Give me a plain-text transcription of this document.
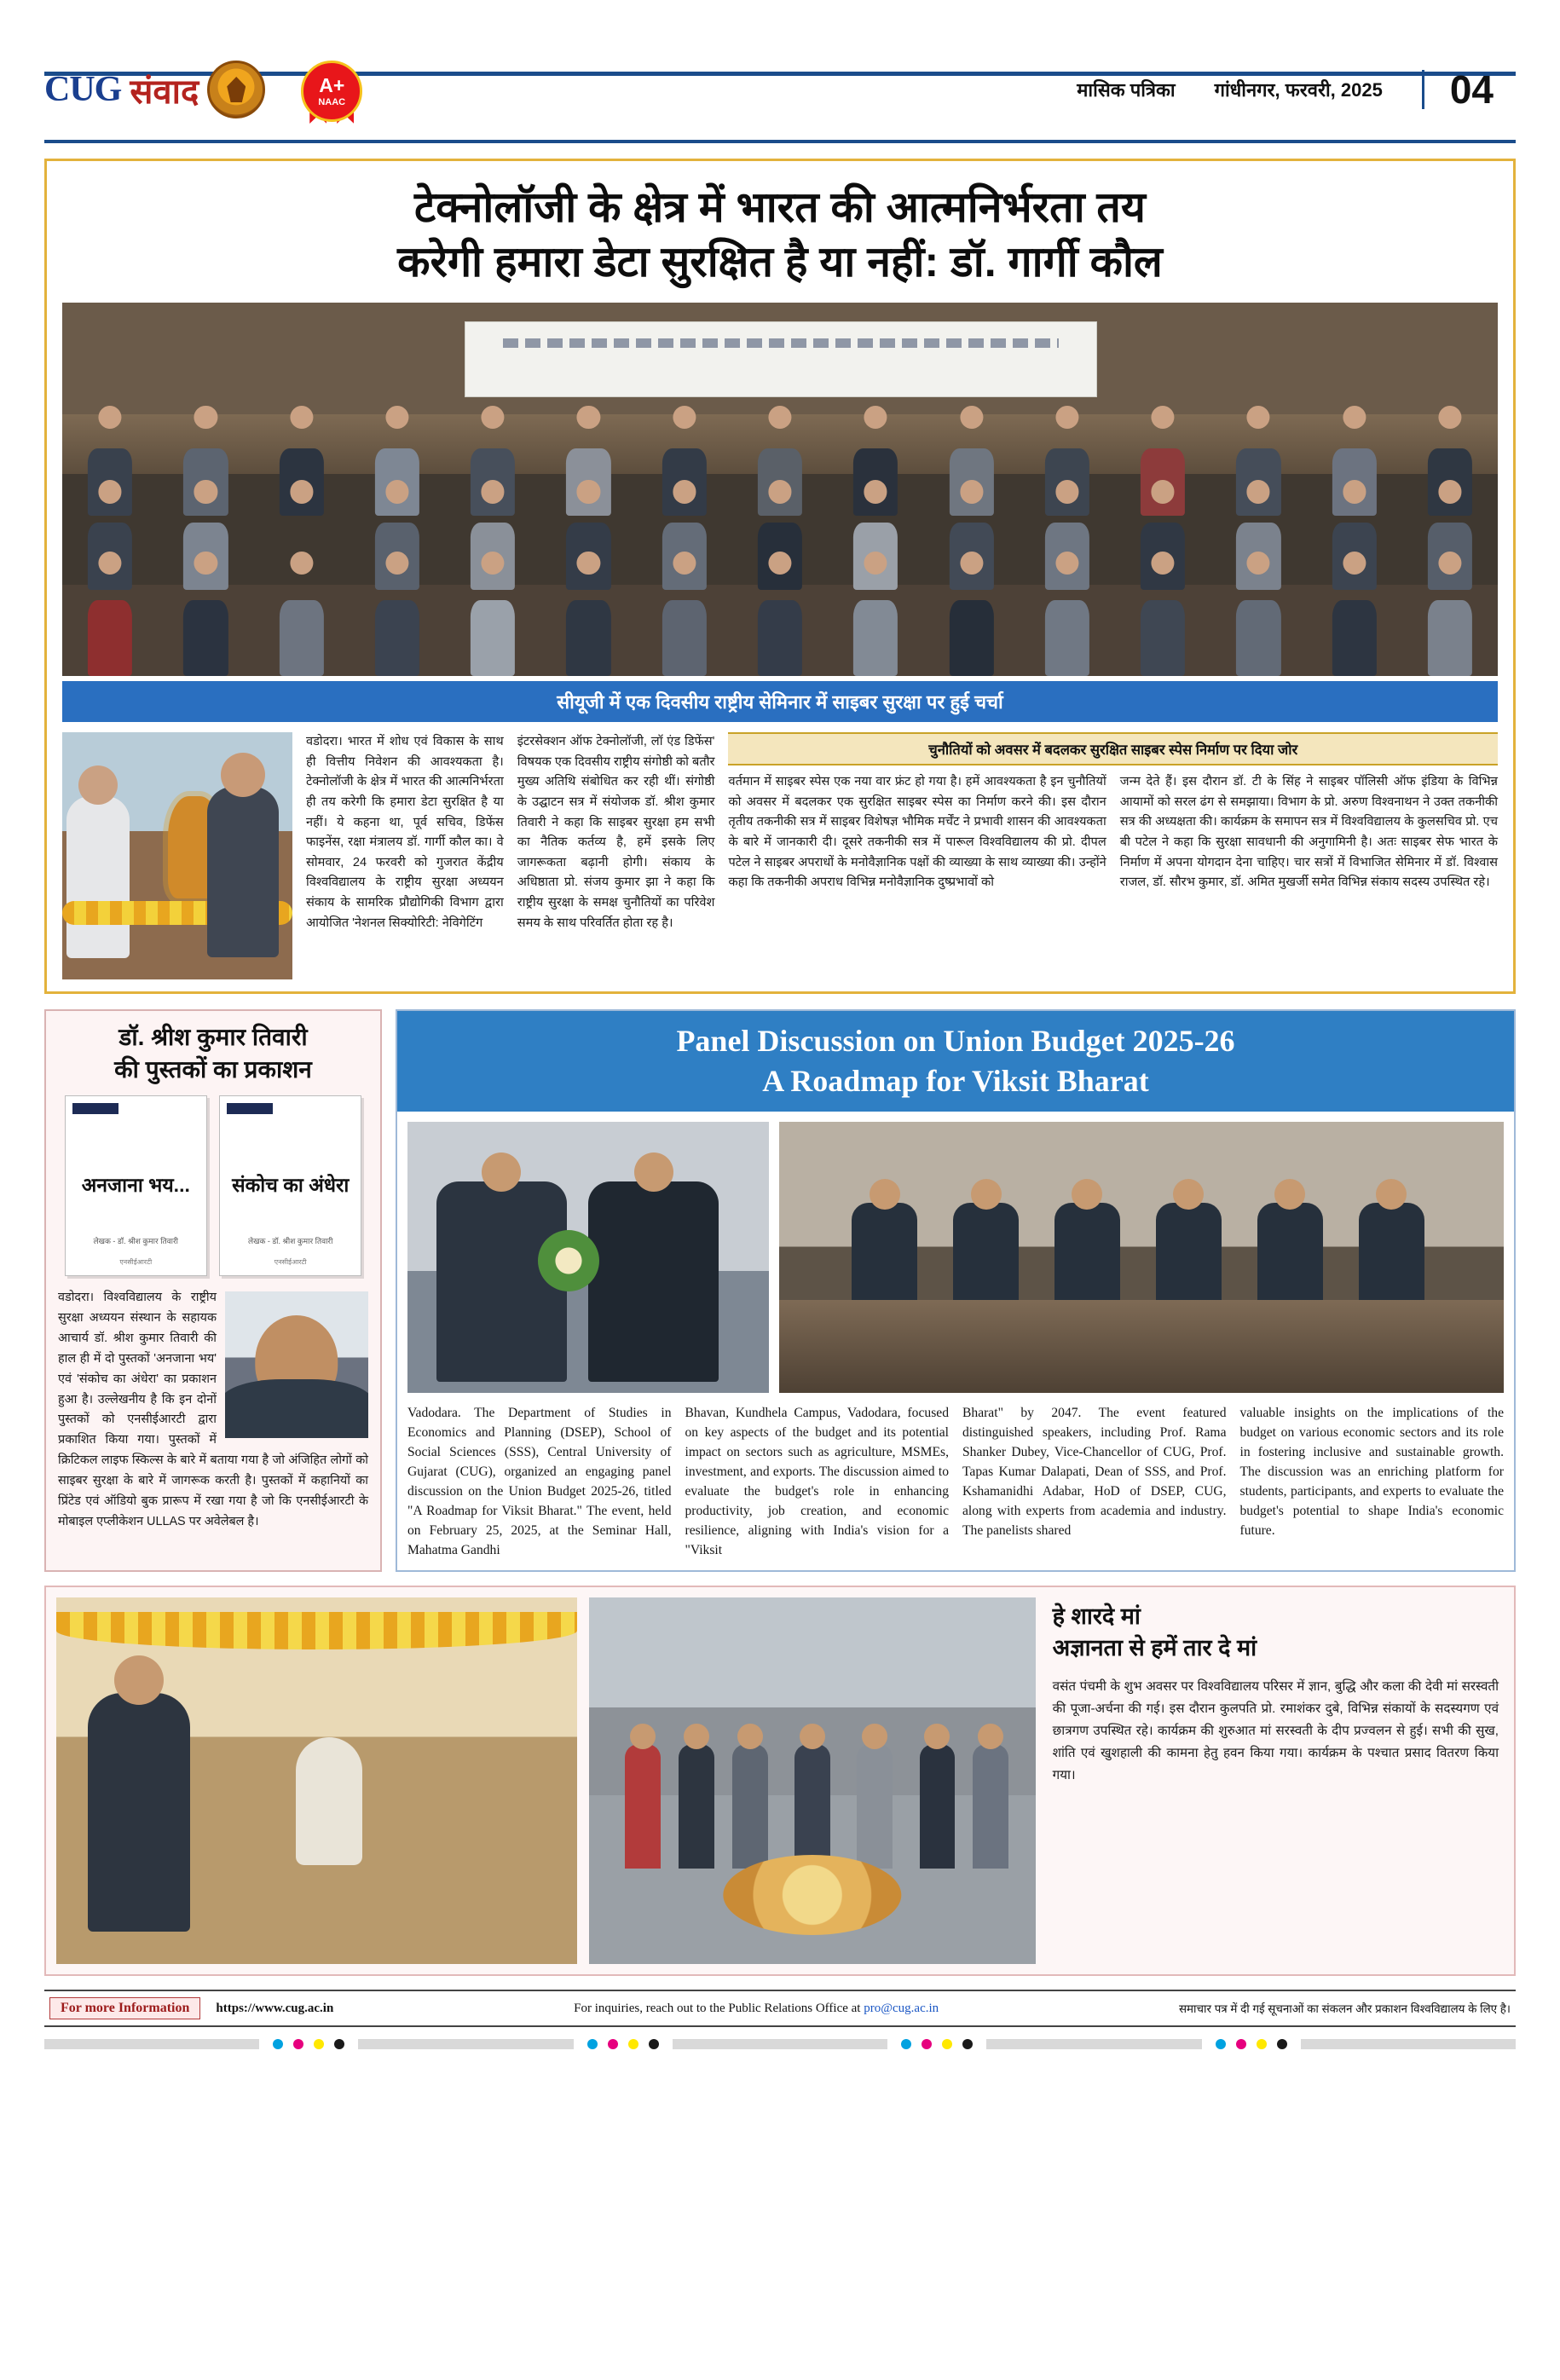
CUG संवाद	A+
NAAC
मासिक पत्रिका गांधीनगर, फरवरी, 2025	04
टेक्नोलॉजी के क्षेत्र में भारत की आत्मनिर्भरता तय
करेगी हमारा डेटा सुरक्षित है या नहीं: डॉ. गार्गी कौल
सीयूजी में एक दिवसीय राष्ट्रीय सेमिनार में साइबर सुरक्षा पर हुई चर्चा
वडोदरा। भारत में शोध एवं विकास के साथ ही वित्तीय निवेशन की आवश्यकता है। टेक्नोलॉजी के क्षेत्र में भारत की आत्मनिर्भरता ही तय करेगी कि हमारा डेटा सुरक्षित है या नहीं। ये कहना था, पूर्व सचिव, डिफेंस फाइनेंस, रक्षा मंत्रालय डॉ. गार्गी कौल का। वे सोमवार, 24 फरवरी को गुजरात केंद्रीय विश्वविद्यालय के राष्ट्रीय सुरक्षा अध्ययन संकाय के सामरिक प्रौद्योगिकी विभाग द्वारा आयोजित 'नेशनल सिक्योरिटी: नेविगेटिंग
इंटरसेक्शन ऑफ टेक्नोलॉजी, लॉ एंड डिफेंस' विषयक एक दिवसीय राष्ट्रीय संगोष्ठी को बतौर मुख्य अतिथि संबोधित कर रही थीं। संगोष्ठी के उद्घाटन सत्र में संयोजक डॉ. श्रीश कुमार तिवारी ने कहा कि साइबर सुरक्षा हम सभी का नैतिक कर्तव्य है, हमें इसके लिए जागरूकता बढ़ानी होगी। संकाय के अधिष्ठाता प्रो. संजय कुमार झा ने कहा कि राष्ट्रीय सुरक्षा के समक्ष चुनौतियों का परिवेश समय के साथ परिवर्तित होता रह है।
चुनौतियों को अवसर में बदलकर सुरक्षित साइबर स्पेस निर्माण पर दिया जोर
वर्तमान में साइबर स्पेस एक नया वार फ्रंट हो गया है। हमें आवश्यकता है इन चुनौतियों को अवसर में बदलकर एक सुरक्षित साइबर स्पेस का निर्माण करने की। इस दौरान तृतीय तकनीकी सत्र में साइबर विशेषज्ञ भौमिक मर्चेंट ने प्रभावी शासन की आवश्यकता के बारे में जानकारी दी। दूसरे तकनीकी सत्र में पारूल विश्वविद्यालय की प्रो. दीपल पटेल ने साइबर अपराधों के मनोवैज्ञानिक पक्षों की व्याख्या के साथ व्याख्या की। उन्होंने कहा कि तकनीकी अपराध विभिन्न मनोवैज्ञानिक दुष्प्रभावों को
जन्म देते हैं। इस दौरान डॉ. टी के सिंह ने साइबर पॉलिसी ऑफ इंडिया के विभिन्न आयामों को सरल ढंग से समझाया। विभाग के प्रो. अरुण विश्वनाथन ने उक्त तकनीकी सत्र की अध्यक्षता की। कार्यक्रम के समापन सत्र में विश्वविद्यालय के कुलसचिव प्रो. एच बी पटेल ने कहा कि सुरक्षा सावधानी की अनुगामिनी है। अतः साइबर सेफ भारत के निर्माण में अपना योगदान देना चाहिए। चार सत्रों में विभाजित सेमिनार में डॉ. विश्वास राजल, डॉ. सौरभ कुमार, डॉ. अमित मुखर्जी समेत विभिन्न संकाय सदस्य उपस्थित रहे।
डॉ. श्रीश कुमार तिवारी
की पुस्तकों का प्रकाशन
अनजाना भय...
लेखक - डॉ. श्रीश कुमार तिवारी
एनसीईआरटी
संकोच का अंधेरा
लेखक - डॉ. श्रीश कुमार तिवारी
एनसीईआरटी
वडोदरा। विश्वविद्यालय के राष्ट्रीय सुरक्षा अध्ययन संस्थान के सहायक आचार्य डॉ. श्रीश कुमार तिवारी की हाल ही में दो पुस्तकों 'अनजाना भय' एवं 'संकोच का अंधेरा' का प्रकाशन हुआ है। उल्लेखनीय है कि इन दोनों पुस्तकों को एनसीईआरटी द्वारा प्रकाशित किया गया। पुस्तकों में क्रिटिकल लाइफ स्किल्स के बारे में बताया गया है जो अंजिहित लोगों को साइबर सुरक्षा के बारे में जागरूक करती है। पुस्तकों में कहानियों का प्रिंटेड एवं ऑडियो बुक प्रारूप में रखा गया है जो कि एनसीईआरटी के मोबाइल एप्लीकेशन ULLAS पर अवेलेबल है।
Panel Discussion on Union Budget 2025-26
A Roadmap for Viksit Bharat
Vadodara. The Department of Studies in Economics and Planning (DSEP), School of Social Sciences (SSS), Central University of Gujarat (CUG), organized an engaging panel discussion on the Union Budget 2025-26, titled "A Roadmap for Viksit Bharat." The event, held on February 25, 2025, at the Seminar Hall, Mahatma Gandhi
Bhavan, Kundhela Campus, Vadodara, focused on key aspects of the budget and its potential impact on sectors such as agriculture, MSMEs, investment, and exports. The discussion aimed to evaluate the budget's role in enhancing productivity, job creation, and economic resilience, aligning with India's vision for a "Viksit
Bharat" by 2047. The event featured distinguished speakers, including Prof. Rama Shanker Dubey, Vice-Chancellor of CUG, Prof. Tapas Kumar Dalapati, Dean of SSS, and Prof. Kshamanidhi Adabar, HoD of DSEP, CUG, along with experts from academia and industry. The panelists shared
valuable insights on the implications of the budget on various economic sectors and its role in fostering inclusive and sustainable growth. The discussion was an enriching platform for students, participants, and experts to evaluate the budget's potential to shape India's economic future.
हे शारदे मां
अज्ञानता से हमें तार दे मां
वसंत पंचमी के शुभ अवसर पर विश्वविद्यालय परिसर में ज्ञान, बुद्धि और कला की देवी मां सरस्वती की पूजा-अर्चना की गई। इस दौरान कुलपति प्रो. रमाशंकर दुबे, विभिन्न संकायों के सदस्यगण एवं छात्रगण उपस्थित रहे। कार्यक्रम की शुरुआत मां सरस्वती के दीप प्रज्वलन से हुई। सभी की सुख, शांति एवं खुशहाली की कामना हेतु हवन किया गया। कार्यक्रम के पश्चात प्रसाद वितरण किया गया।
For more Information	https://www.cug.ac.in	For inquiries, reach out to the Public Relations Office at pro@cug.ac.in	समाचार पत्र में दी गई सूचनाओं का संकलन और प्रकाशन विश्वविद्यालय के लिए है।
